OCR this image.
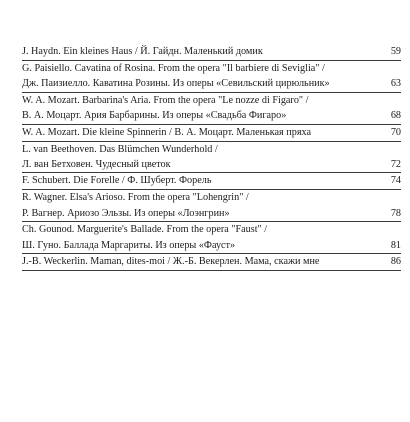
J. Haydn. Ein kleines Haus / Й. Гайдн. Маленький домик	59
G. Paisiello. Cavatina of Rosina. From the opera "Il barbiere di Seviglia" /
Дж. Паизиелло. Каватина Розины. Из оперы «Севильский цирюльник»	63
W. A. Mozart. Barbarina's Aria. From the opera "Le nozze di Figaro" /
В. А. Моцарт. Ария Барбарины. Из оперы «Свадьба Фигаро»	68
W. A. Mozart. Die kleine Spinnerin / В. А. Моцарт. Маленькая пряха	70
L. van Beethoven. Das Blümchen Wunderhold /
Л. ван Бетховен. Чудесный цветок	72
F. Schubert. Die Forelle / Ф. Шуберт. Форель	74
R. Wagner. Elsa's Arioso. From the opera "Lohengrin" /
Р. Вагнер. Ариозо Эльзы. Из оперы «Лоэнгрин»	78
Ch. Gounod. Marguerite's Ballade. From the opera "Faust" /
Ш. Гуно. Баллада Маргариты. Из оперы «Фауст»	81
J.-B. Weckerlin. Maman, dites-moi / Ж.-Б. Векерлен. Мама, скажи мне	86
